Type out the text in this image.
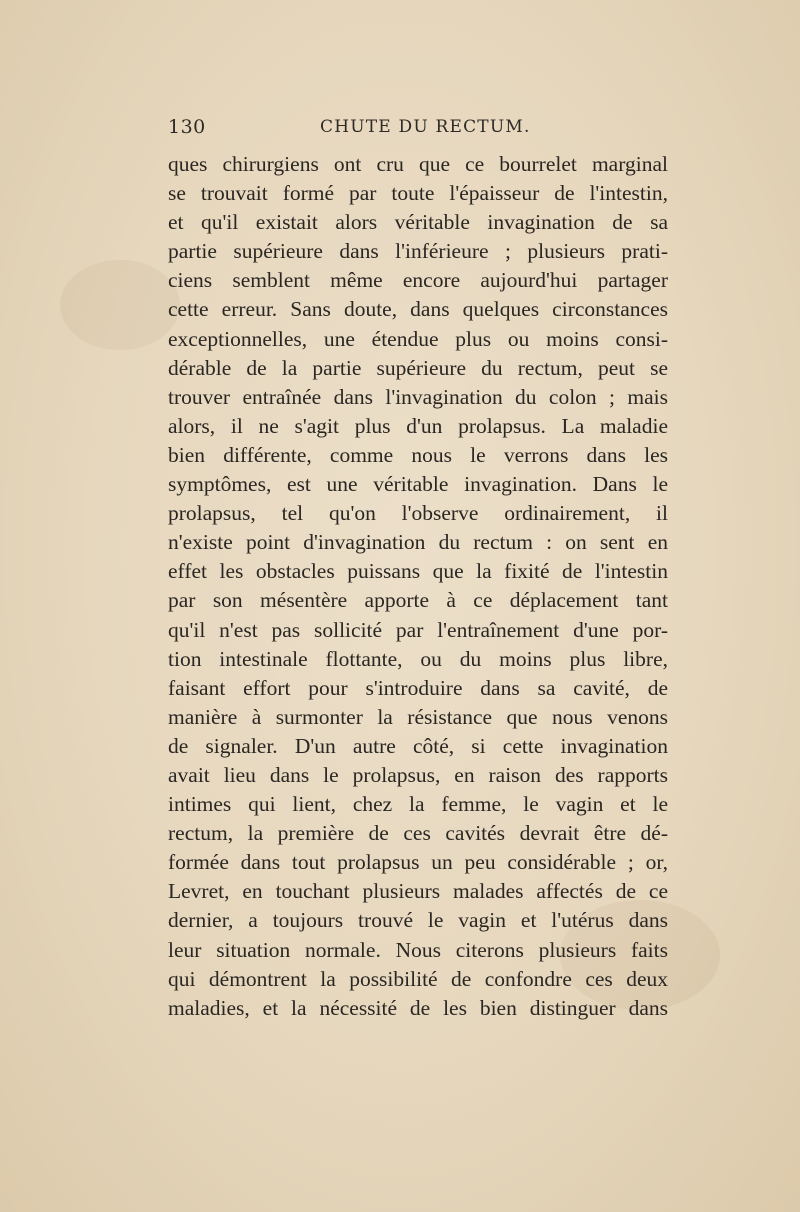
130	CHUTE DU RECTUM.
ques chirurgiens ont cru que ce bourrelet marginal
se trouvait formé par toute l'épaisseur de l'intestin,
et qu'il existait alors véritable invagination de sa
partie supérieure dans l'inférieure ; plusieurs prati-
ciens semblent même encore aujourd'hui partager
cette erreur. Sans doute, dans quelques circonstances
exceptionnelles, une étendue plus ou moins consi-
dérable de la partie supérieure du rectum, peut se
trouver entraînée dans l'invagination du colon ; mais
alors, il ne s'agit plus d'un prolapsus. La maladie
bien différente, comme nous le verrons dans les
symptômes, est une véritable invagination. Dans le
prolapsus, tel qu'on l'observe ordinairement, il
n'existe point d'invagination du rectum : on sent en
effet les obstacles puissans que la fixité de l'intestin
par son mésentère apporte à ce déplacement tant
qu'il n'est pas sollicité par l'entraînement d'une por-
tion intestinale flottante, ou du moins plus libre,
faisant effort pour s'introduire dans sa cavité, de
manière à surmonter la résistance que nous venons
de signaler. D'un autre côté, si cette invagination
avait lieu dans le prolapsus, en raison des rapports
intimes qui lient, chez la femme, le vagin et le
rectum, la première de ces cavités devrait être dé-
formée dans tout prolapsus un peu considérable ; or,
Levret, en touchant plusieurs malades affectés de ce
dernier, a toujours trouvé le vagin et l'utérus dans
leur situation normale. Nous citerons plusieurs faits
qui démontrent la possibilité de confondre ces deux
maladies, et la nécessité de les bien distinguer dans
